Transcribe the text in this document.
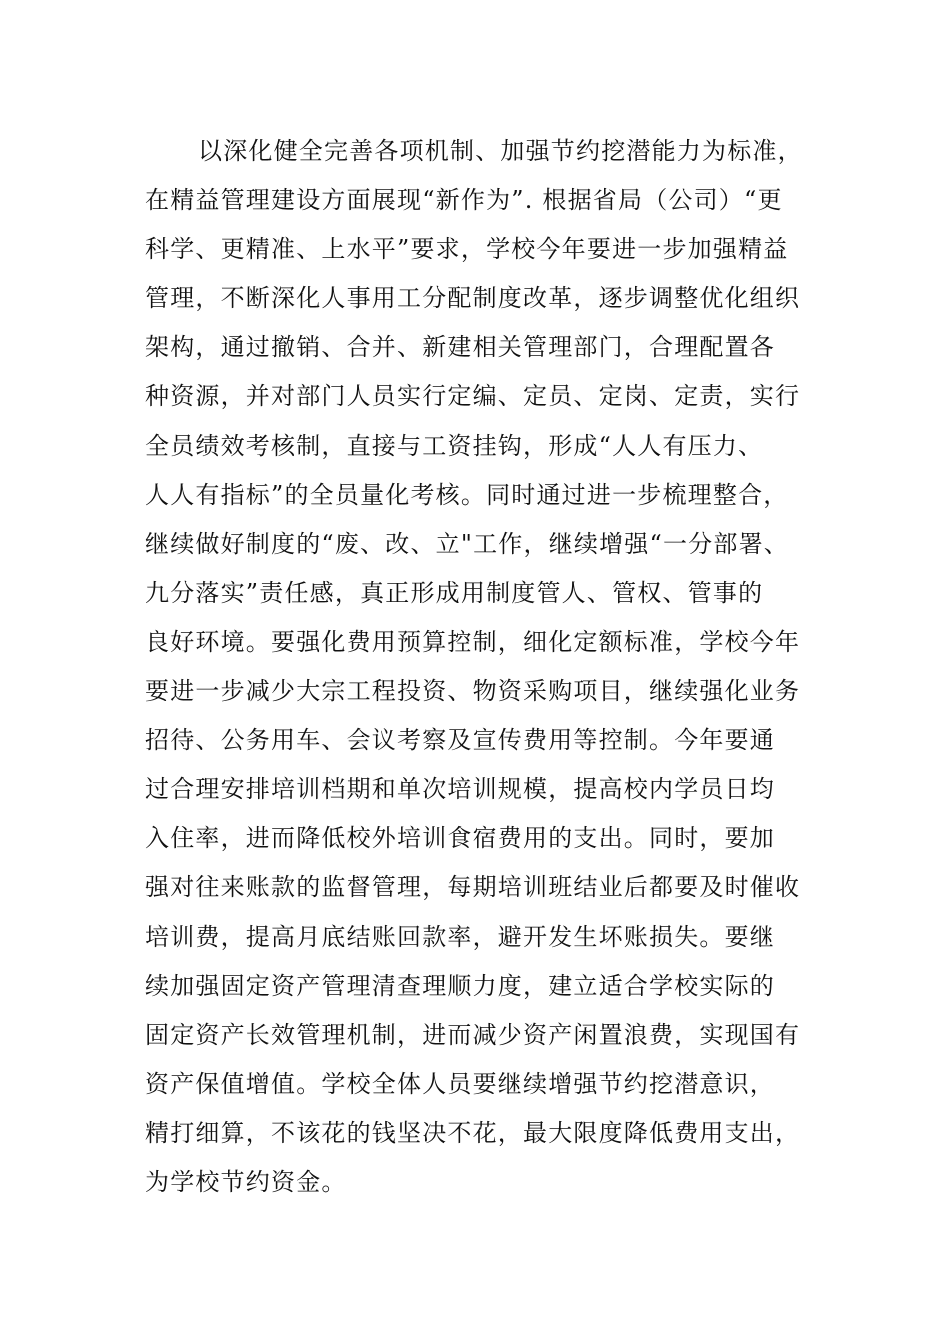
以深化健全完善各项机制、加强节约挖潜能力为标准，
在精益管理建设方面展现“新作为”. 根据省局（公司）“更
科学、更精准、上水平”要求，学校今年要进一步加强精益
管理，不断深化人事用工分配制度改革，逐步调整优化组织
架构，通过撤销、合并、新建相关管理部门，合理配置各
种资源，并对部门人员实行定编、定员、定岗、定责，实行
全员绩效考核制，直接与工资挂钩，形成“人人有压力、
人人有指标”的全员量化考核。同时通过进一步梳理整合，
继续做好制度的“废、改、立"工作，继续增强“一分部署、
九分落实”责任感，真正形成用制度管人、管权、管事的
良好环境。要强化费用预算控制，细化定额标准，学校今年
要进一步减少大宗工程投资、物资采购项目，继续强化业务
招待、公务用车、会议考察及宣传费用等控制。今年要通
过合理安排培训档期和单次培训规模，提高校内学员日均
入住率，进而降低校外培训食宿费用的支出。同时，要加
强对往来账款的监督管理，每期培训班结业后都要及时催收
培训费，提高月底结账回款率，避开发生坏账损失。要继
续加强固定资产管理清查理顺力度，建立适合学校实际的
固定资产长效管理机制，进而减少资产闲置浪费，实现国有
资产保值增值。学校全体人员要继续增强节约挖潜意识，
精打细算，不该花的钱坚决不花，最大限度降低费用支出，
为学校节约资金。
